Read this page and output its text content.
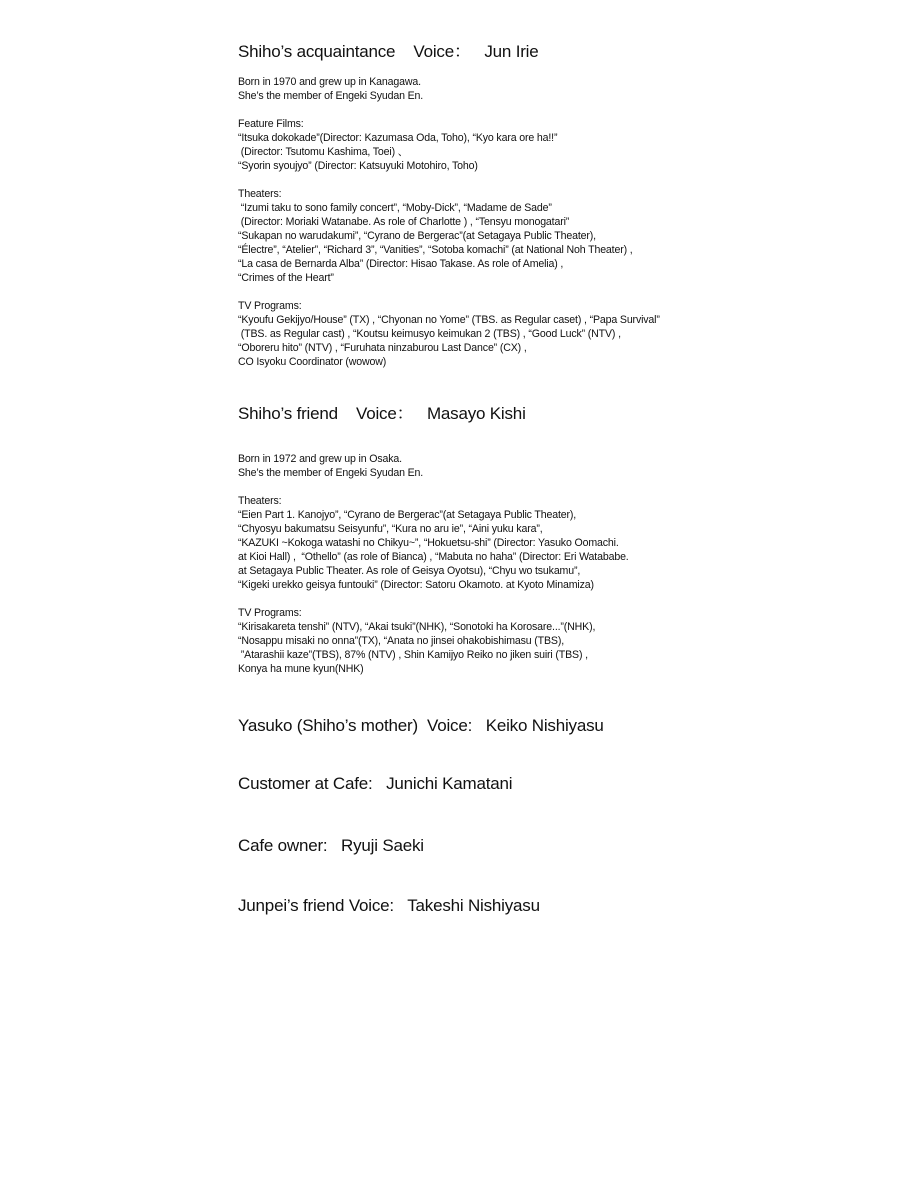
Shiho’s acquaintance    Voice：   Jun Irie
Born in 1970 and grew up in Kanagawa.
She’s the member of Engeki Syudan En.
Feature Films:
“Itsuka dokokade”(Director: Kazumasa Oda, Toho), “Kyo kara ore ha!!”
(Director: Tsutomu Kashima, Toei) 、
“Syorin syoujyo” (Director: Katsuyuki Motohiro, Toho)
Theaters:
“Izumi taku to sono family concert”, “Moby-Dick”, “Madame de Sade”
(Director: Moriaki Watanabe. As role of Charlotte ) , “Tensyu monogatari”
“Sukapan no warudakumi”, “Cyrano de Bergerac”(at Setagaya Public Theater),
“Électre”, “Atelier”, “Richard 3”, “Vanities”, “Sotoba komachi” (at National Noh Theater) ,
“La casa de Bernarda Alba” (Director: Hisao Takase. As role of Amelia) ,
“Crimes of the Heart”
TV Programs:
“Kyoufu Gekijyo/House” (TX) , “Chyonan no Yome” (TBS. as Regular caset) , “Papa Survival”
(TBS. as Regular cast) , “Koutsu keimusyo keimukan 2 (TBS) , “Good Luck” (NTV) ,
“Oboreru hito” (NTV) , “Furuhata ninzaburou Last Dance” (CX) ,
CO Isyoku Coordinator (wowow)
Shiho’s friend    Voice：   Masayo Kishi
Born in 1972 and grew up in Osaka.
She’s the member of Engeki Syudan En.
Theaters:
“Eien Part 1. Kanojyo”, “Cyrano de Bergerac”(at Setagaya Public Theater),
“Chyosyu bakumatsu Seisyunfu”, “Kura no aru ie”, “Aini yuku kara”,
“KAZUKI ~Kokoga watashi no Chikyu~”, “Hokuetsu-shi” (Director: Yasuko Oomachi.
at Kioi Hall) ,  “Othello” (as role of Bianca) , “Mabuta no haha” (Director: Eri Watababe.
at Setagaya Public Theater. As role of Geisya Oyotsu), “Chyu wo tsukamu”,
“Kigeki urekko geisya funtouki” (Director: Satoru Okamoto. at Kyoto Minamiza)
TV Programs:
“Kirisakareta tenshi” (NTV), “Akai tsuki”(NHK), “Sonotoki ha Korosare...”(NHK),
“Nosappu misaki no onna”(TX), “Anata no jinsei ohakobishimasu (TBS),
”Atarashii kaze”(TBS), 87% (NTV) , Shin Kamijyo Reiko no jiken suiri (TBS) ,
Konya ha mune kyun(NHK)
Yasuko (Shiho’s mother)  Voice:   Keiko Nishiyasu
Customer at Cafe:   Junichi Kamatani
Cafe owner:   Ryuji Saeki
Junpei’s friend Voice:   Takeshi Nishiyasu
